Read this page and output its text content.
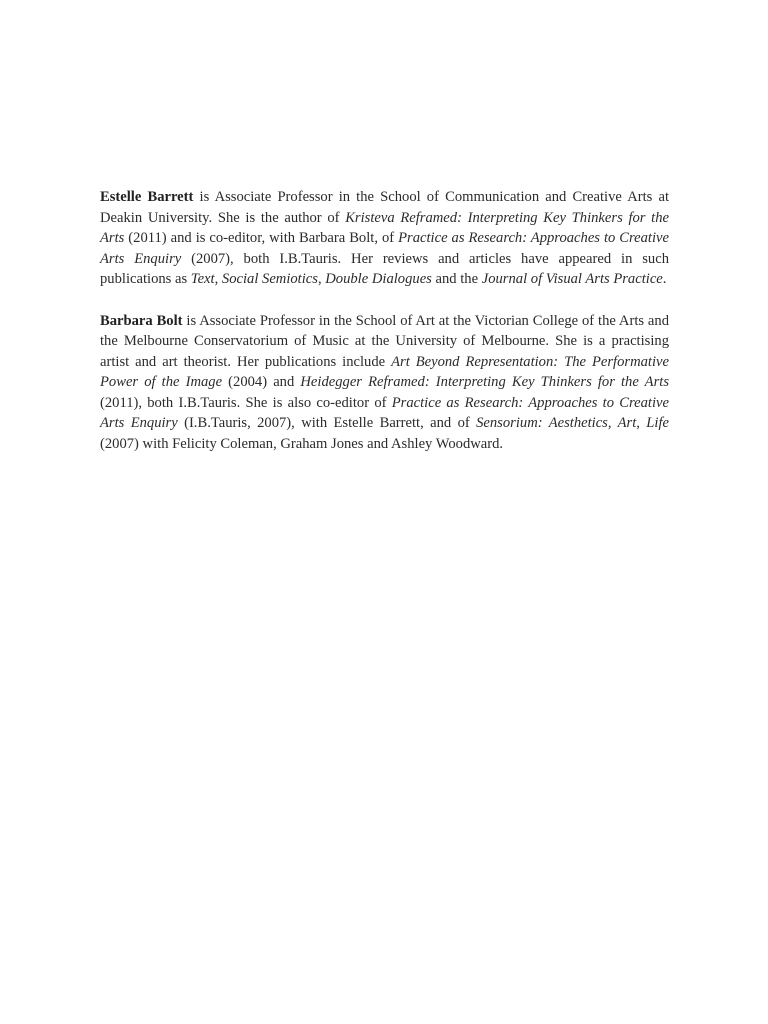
Estelle Barrett is Associate Professor in the School of Communication and Creative Arts at Deakin University. She is the author of Kristeva Reframed: Interpreting Key Thinkers for the Arts (2011) and is co-editor, with Barbara Bolt, of Practice as Research: Approaches to Creative Arts Enquiry (2007), both I.B.Tauris. Her reviews and articles have appeared in such publications as Text, Social Semiotics, Double Dialogues and the Journal of Visual Arts Practice.

Barbara Bolt is Associate Professor in the School of Art at the Victorian College of the Arts and the Melbourne Conservatorium of Music at the University of Melbourne. She is a practising artist and art theorist. Her publications include Art Beyond Representation: The Performative Power of the Image (2004) and Heidegger Reframed: Interpreting Key Thinkers for the Arts (2011), both I.B.Tauris. She is also co-editor of Practice as Research: Approaches to Creative Arts Enquiry (I.B.Tauris, 2007), with Estelle Barrett, and of Sensorium: Aesthetics, Art, Life (2007) with Felicity Coleman, Graham Jones and Ashley Woodward.
